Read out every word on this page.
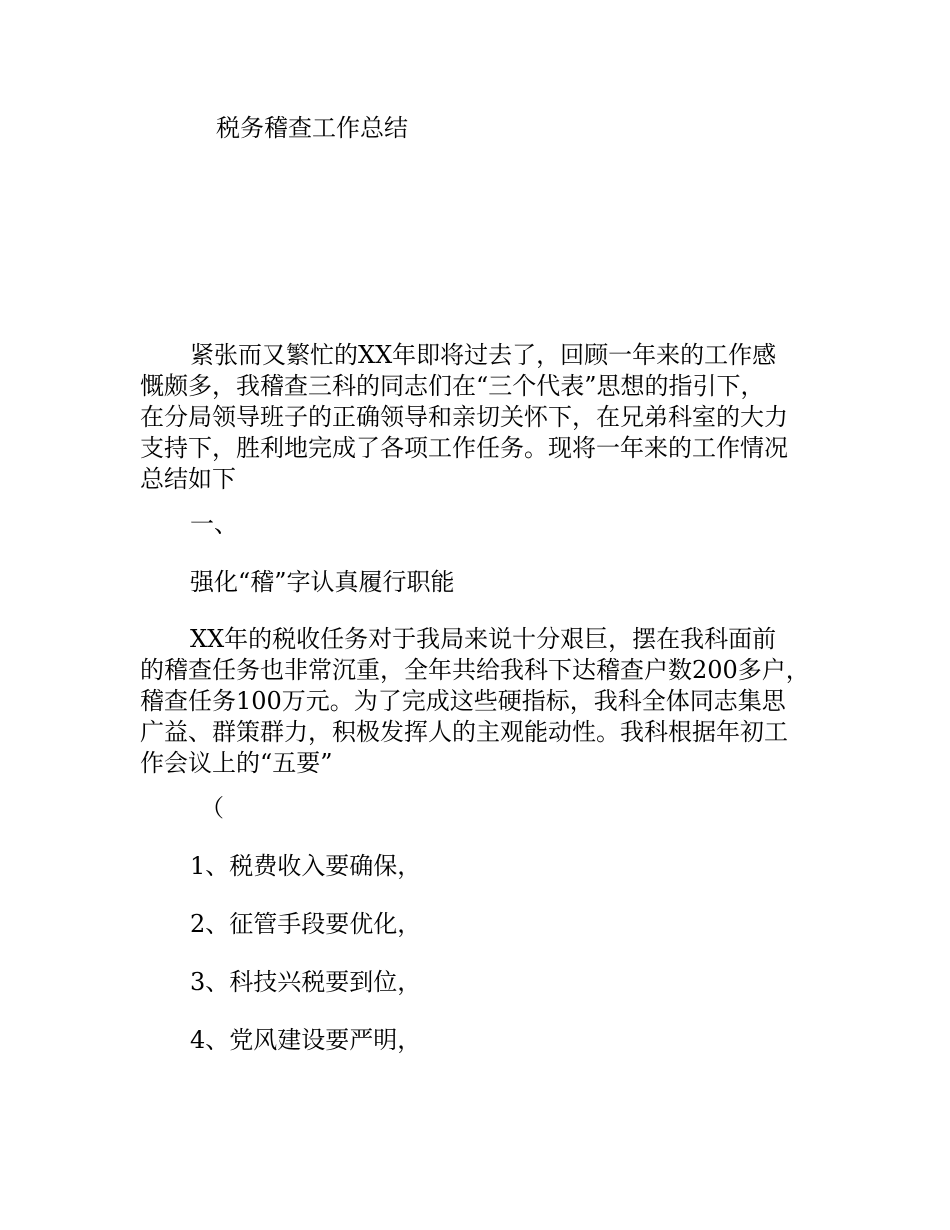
税务稽查工作总结
紧张而又繁忙的XX年即将过去了，回顾一年来的工作感
慨颇多，我稽查三科的同志们在“三个代表”思想的指引下，
在分局领导班子的正确领导和亲切关怀下，在兄弟科室的大力
支持下，胜利地完成了各项工作任务。现将一年来的工作情况
总结如下
一、
强化“稽”字认真履行职能
XX年的税收任务对于我局来说十分艰巨，摆在我科面前
的稽查任务也非常沉重，全年共给我科下达稽查户数200多户，
稽查任务100万元。为了完成这些硬指标，我科全体同志集思
广益、群策群力，积极发挥人的主观能动性。我科根据年初工
作会议上的“五要”
（
1、税费收入要确保，
2、征管手段要优化，
3、科技兴税要到位，
4、党风建设要严明，
